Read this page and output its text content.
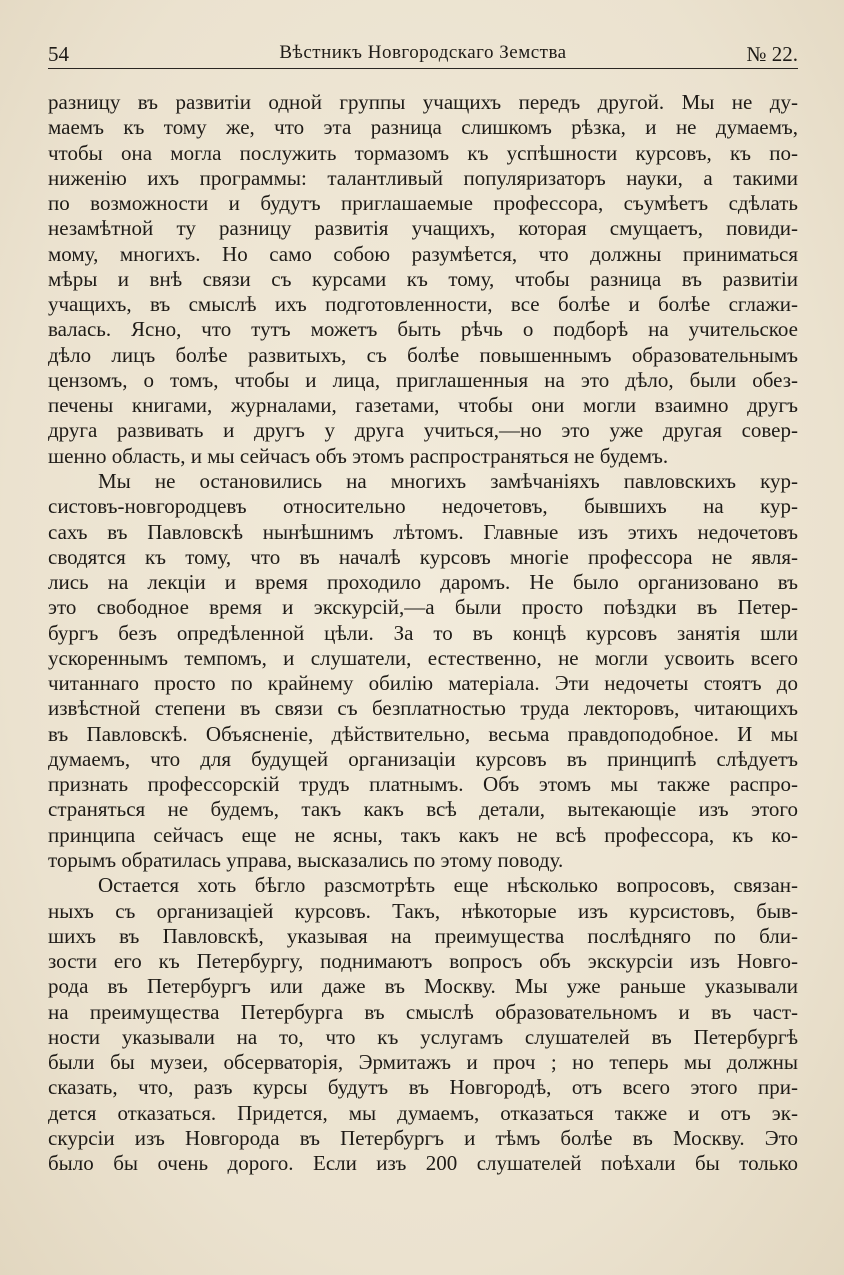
54	Вѣстникъ Новгородскаго Земства	№ 22.
разницу въ развитіи одной группы учащихъ передъ другой. Мы не ду-
маемъ къ тому же, что эта разница слишкомъ рѣзка, и не думаемъ,
чтобы она могла послужить тормазомъ къ успѣшности курсовъ, къ по-
ниженію ихъ программы: талантливый популяризаторъ науки, а такими
по возможности и будутъ приглашаемые профессора, съумѣетъ сдѣлать
незамѣтной ту разницу развитія учащихъ, которая смущаетъ, повиди-
мому, многихъ. Но само собою разумѣется, что должны приниматься
мѣры и внѣ связи съ курсами къ тому, чтобы разница въ развитіи
учащихъ, въ смыслѣ ихъ подготовленности, все болѣе и болѣе сглажи-
валась. Ясно, что тутъ можетъ быть рѣчь о подборѣ на учительское
дѣло лицъ болѣе развитыхъ, съ болѣе повышеннымъ образовательнымъ
цензомъ, о томъ, чтобы и лица, приглашенныя на это дѣло, были обез-
печены книгами, журналами, газетами, чтобы они могли взаимно другъ
друга развивать и другъ у друга учиться,—но это уже другая совер-
шенно область, и мы сейчасъ объ этомъ распространяться не будемъ.
Мы не остановились на многихъ замѣчаніяхъ павловскихъ кур-
систовъ-новгородцевъ относительно недочетовъ, бывшихъ на кур-
сахъ въ Павловскѣ нынѣшнимъ лѣтомъ. Главные изъ этихъ недочетовъ
сводятся къ тому, что въ началѣ курсовъ многіе профессора не явля-
лись на лекціи и время проходило даромъ. Не было организовано въ
это свободное время и экскурсій,—а были просто поѣздки въ Петер-
бургъ безъ опредѣленной цѣли. За то въ концѣ курсовъ занятія шли
ускореннымъ темпомъ, и слушатели, естественно, не могли усвоить всего
читаннаго просто по крайнему обилію матеріала. Эти недочеты стоятъ до
извѣстной степени въ связи съ безплатностью труда лекторовъ, читающихъ
въ Павловскѣ. Объясненіе, дѣйствительно, весьма правдоподобное. И мы
думаемъ, что для будущей организаціи курсовъ въ принципѣ слѣдуетъ
признать профессорскій трудъ платнымъ. Объ этомъ мы также распро-
страняться не будемъ, такъ какъ всѣ детали, вытекающіе изъ этого
принципа сейчасъ еще не ясны, такъ какъ не всѣ профессора, къ ко-
торымъ обратилась управа, высказались по этому поводу.
Остается хоть бѣгло разсмотрѣть еще нѣсколько вопросовъ, связан-
ныхъ съ организаціей курсовъ. Такъ, нѣкоторые изъ курсистовъ, быв-
шихъ въ Павловскѣ, указывая на преимущества послѣдняго по бли-
зости его къ Петербургу, поднимаютъ вопросъ объ экскурсіи изъ Новго-
рода въ Петербургъ или даже въ Москву. Мы уже раньше указывали
на преимущества Петербурга въ смыслѣ образовательномъ и въ част-
ности указывали на то, что къ услугамъ слушателей въ Петербургѣ
были бы музеи, обсерваторія, Эрмитажъ и проч ; но теперь мы должны
сказать, что, разъ курсы будутъ въ Новгородѣ, отъ всего этого при-
дется отказаться. Придется, мы думаемъ, отказаться также и отъ эк-
скурсіи изъ Новгорода въ Петербургъ и тѣмъ болѣе въ Москву. Это
было бы очень дорого. Если изъ 200 слушателей поѣхали бы только
